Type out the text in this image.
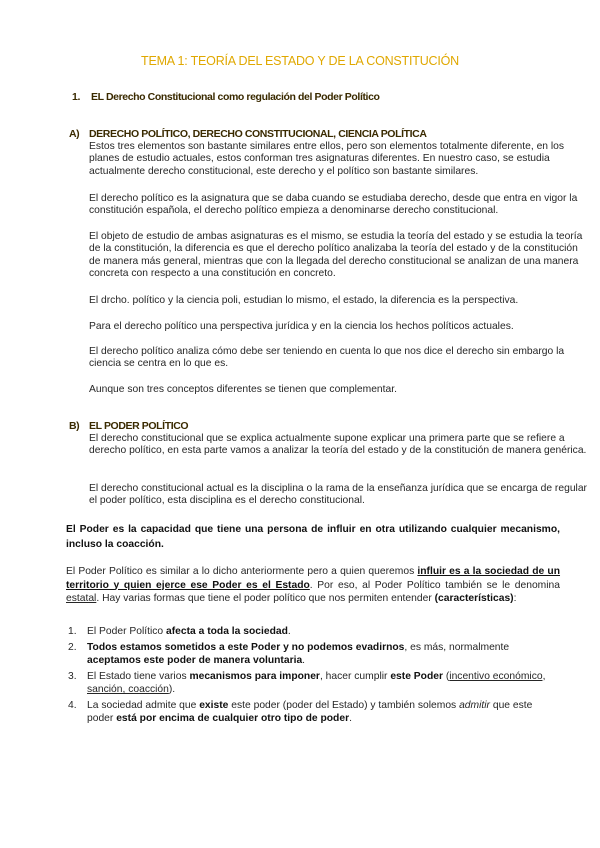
TEMA 1: TEORÍA DEL ESTADO Y DE LA CONSTITUCIÓN
1. EL Derecho Constitucional como regulación del Poder Político
A) DERECHO POLÍTICO, DERECHO CONSTITUCIONAL, CIENCIA POLÍTICA
Estos tres elementos son bastante similares entre ellos, pero son elementos totalmente diferente, en los planes de estudio actuales, estos conforman tres asignaturas diferentes. En nuestro caso, se estudia actualmente derecho constitucional, este derecho y el político son bastante similares.
El derecho político es la asignatura que se daba cuando se estudiaba derecho, desde que entra en vigor la constitución española, el derecho político empieza a denominarse derecho constitucional.
El objeto de estudio de ambas asignaturas es el mismo, se estudia la teoría del estado y se estudia la teoría de la constitución, la diferencia es que el derecho político analizaba la teoría del estado y de la constitución de manera más general, mientras que con la llegada del derecho constitucional se analizan de una manera concreta con respecto a una constitución en concreto.
El drcho. político y la ciencia poli, estudian lo mismo, el estado, la diferencia es la perspectiva.
Para el derecho político una perspectiva jurídica y en la ciencia los hechos políticos actuales.
El derecho político analiza cómo debe ser teniendo en cuenta lo que nos dice el derecho sin embargo la ciencia se centra en lo que es.
Aunque son tres conceptos diferentes se tienen que complementar.
B) EL PODER POLÍTICO
El derecho constitucional que se explica actualmente supone explicar una primera parte que se refiere a derecho político, en esta parte vamos a analizar la teoría del estado y de la constitución de manera genérica.
El derecho constitucional actual es la disciplina o la rama de la enseñanza jurídica que se encarga de regular el poder político, esta disciplina es el derecho constitucional.
El Poder es la capacidad que tiene una persona de influir en otra utilizando cualquier mecanismo, incluso la coacción.
El Poder Político es similar a lo dicho anteriormente pero a quien queremos influir es a la sociedad de un territorio y quien ejerce ese Poder es el Estado. Por eso, al Poder Político también se le denomina estatal. Hay varias formas que tiene el poder político que nos permiten entender (características):
1. El Poder Político afecta a toda la sociedad.
2. Todos estamos sometidos a este Poder y no podemos evadirnos, es más, normalmente aceptamos este poder de manera voluntaria.
3. El Estado tiene varios mecanismos para imponer, hacer cumplir este Poder (incentivo económico, sanción, coacción).
4. La sociedad admite que existe este poder (poder del Estado) y también solemos admitir que este poder está por encima de cualquier otro tipo de poder.
